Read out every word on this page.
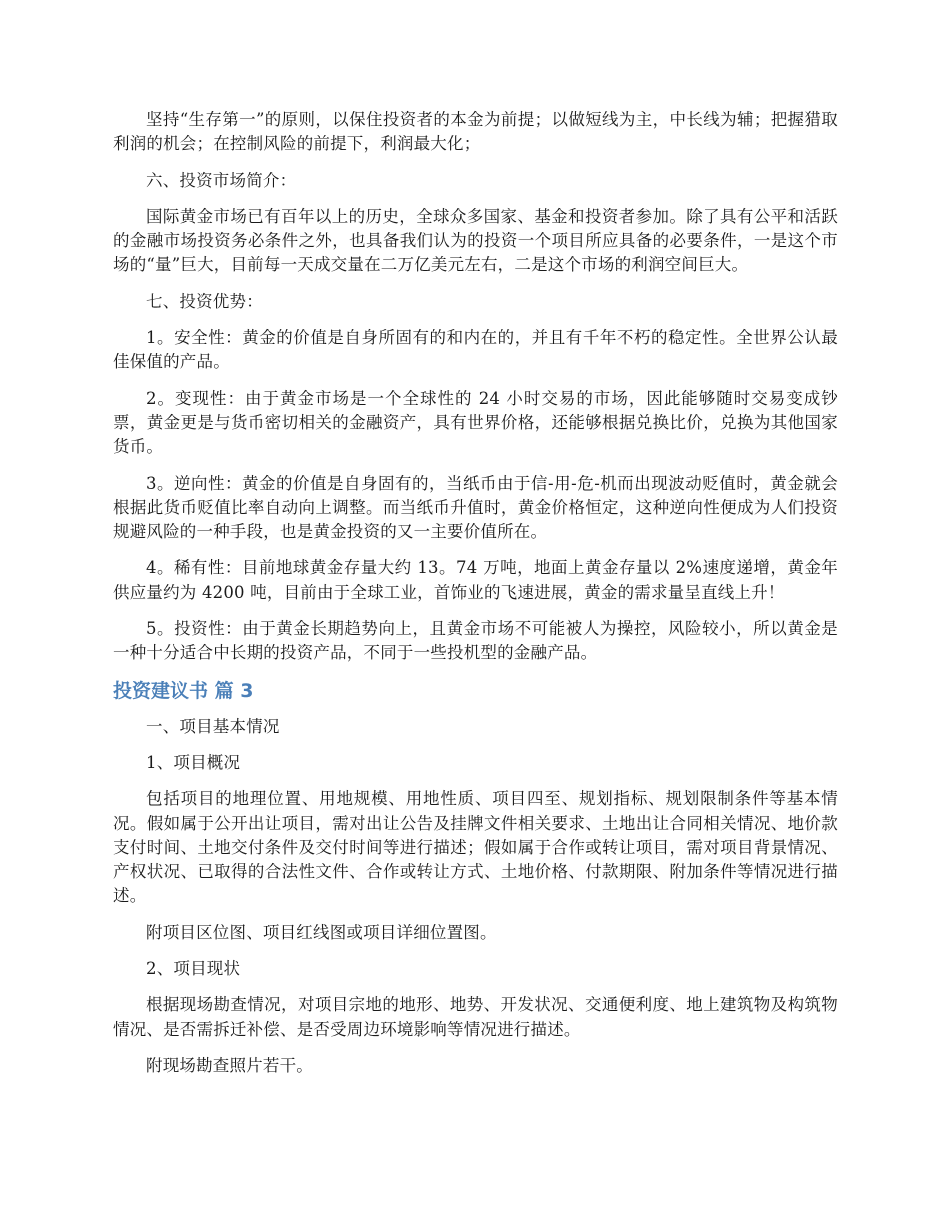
坚持“生存第一”的原则，以保住投资者的本金为前提；以做短线为主，中长线为辅；把握猎取利润的机会；在控制风险的前提下，利润最大化；

六、投资市场简介：

国际黄金市场已有百年以上的历史，全球众多国家、基金和投资者参加。除了具有公平和活跃的金融市场投资务必条件之外，也具备我们认为的投资一个项目所应具备的必要条件，一是这个市场的“量”巨大，目前每一天成交量在二万亿美元左右，二是这个市场的利润空间巨大。

七、投资优势：

1。安全性：黄金的价值是自身所固有的和内在的，并且有千年不朽的稳定性。全世界公认最佳保值的产品。

2。变现性：由于黄金市场是一个全球性的 24 小时交易的市场，因此能够随时交易变成钞票，黄金更是与货币密切相关的金融资产，具有世界价格，还能够根据兑换比价，兑换为其他国家货币。

3。逆向性：黄金的价值是自身固有的，当纸币由于信-用-危-机而出现波动贬值时，黄金就会根据此货币贬值比率自动向上调整。而当纸币升值时，黄金价格恒定，这种逆向性便成为人们投资规避风险的一种手段，也是黄金投资的又一主要价值所在。

4。稀有性：目前地球黄金存量大约 13。74 万吨，地面上黄金存量以 2%速度递增，黄金年供应量约为 4200 吨，目前由于全球工业，首饰业的飞速进展，黄金的需求量呈直线上升！

5。投资性：由于黄金长期趋势向上，且黄金市场不可能被人为操控，风险较小，所以黄金是一种十分适合中长期的投资产品，不同于一些投机型的金融产品。

投资建议书 篇 3

一、项目基本情况

1、项目概况

包括项目的地理位置、用地规模、用地性质、项目四至、规划指标、规划限制条件等基本情况。假如属于公开出让项目，需对出让公告及挂牌文件相关要求、土地出让合同相关情况、地价款支付时间、土地交付条件及交付时间等进行描述；假如属于合作或转让项目，需对项目背景情况、产权状况、已取得的合法性文件、合作或转让方式、土地价格、付款期限、附加条件等情况进行描述。

附项目区位图、项目红线图或项目详细位置图。

2、项目现状

根据现场勘查情况，对项目宗地的地形、地势、开发状况、交通便利度、地上建筑物及构筑物情况、是否需拆迁补偿、是否受周边环境影响等情况进行描述。

附现场勘查照片若干。
